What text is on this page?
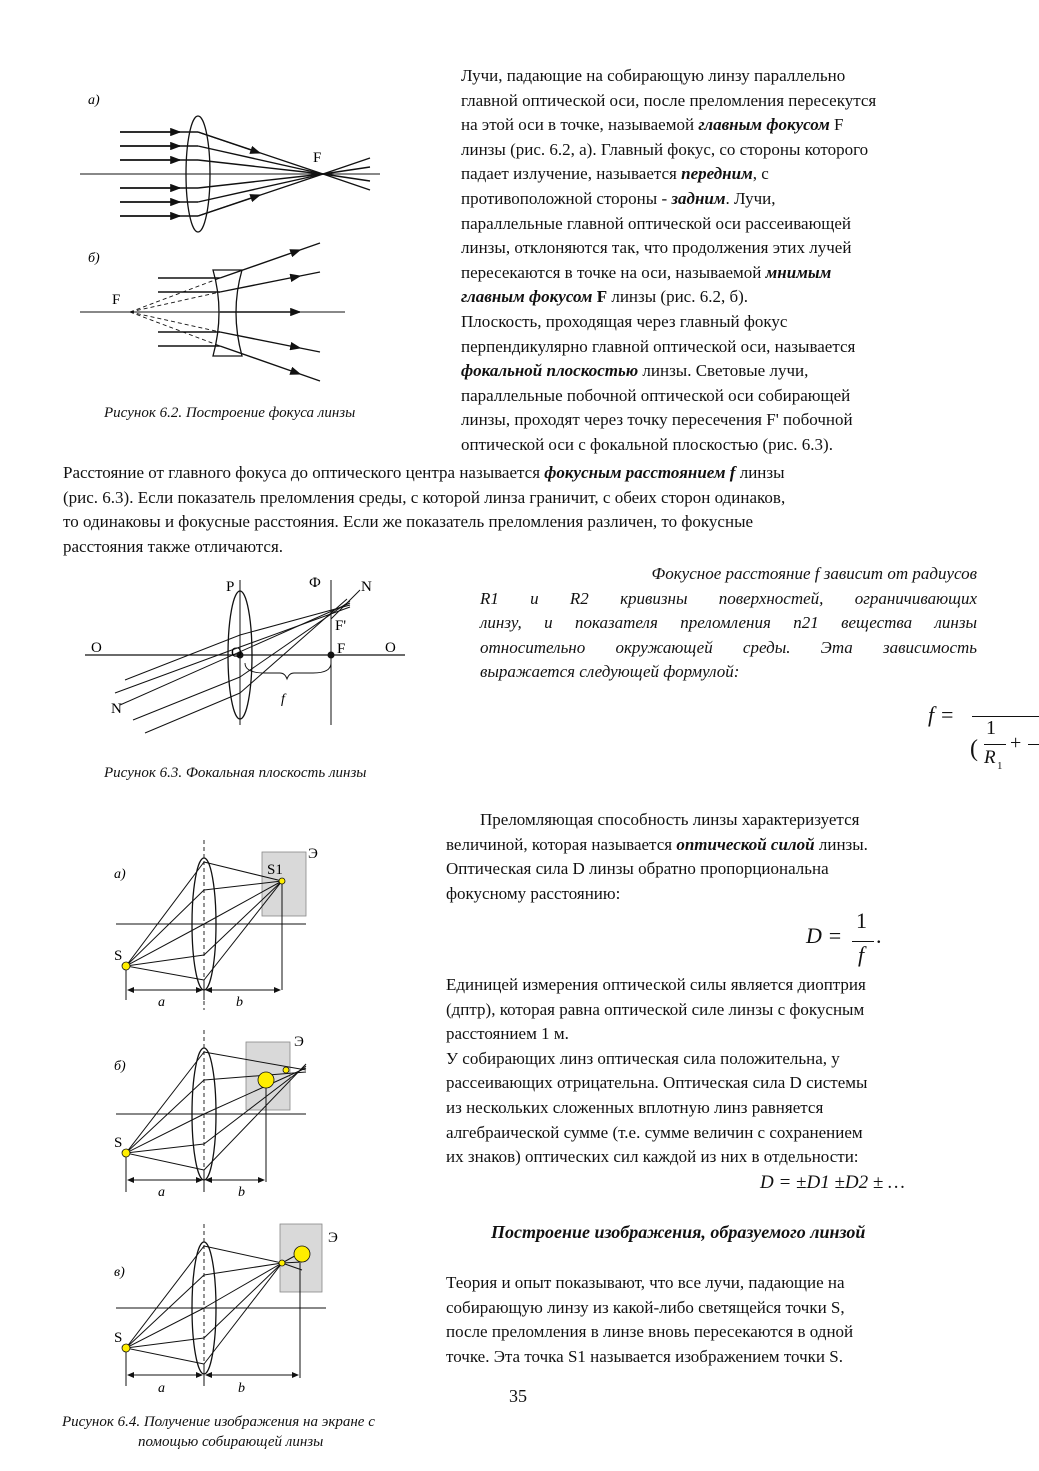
Лучи, падающие на собирающую линзу параллельно
главной оптической оси, после преломления пересекутся
на этой оси в точке, называемой главным фокусом F
линзы (рис. 6.2, а). Главный фокус, со стороны которого
падает излучение, называется передним, с
противоположной стороны - задним. Лучи,
параллельные главной оптической оси рассеивающей
линзы, отклоняются так, что продолжения этих лучей
пересекаются в точке на оси, называемой мнимым
главным фокусом F линзы (рис. 6.2, б).
Плоскость, проходящая через главный фокус
перпендикулярно главной оптической оси, называется
фокальной плоскостью линзы. Световые лучи,
параллельные побочной оптической оси собирающей
линзы, проходят через точку пересечения F' побочной
оптической оси с фокальной плоскостью (рис. 6.3).
а)
F
б)
F
Рисунок 6.2. Построение фокуса линзы
Расстояние от главного фокуса до оптического центра называется фокусным расстоянием f линзы
(рис. 6.3). Если показатель преломления среды, с которой линза граничит, с обеих сторон одинаков,
то одинаковы и фокусные расстояния. Если же показатель преломления различен, то фокусные
расстояния также отличаются.
P	Ф	N
F'
O	O
F
O
f
N
Рисунок 6.3. Фокальная плоскость линзы
Фокусное расстояние f зависит от радиусов
R1 и R2 кривизны поверхностей, ограничивающих
линзу, и показателя преломления n21 вещества линзы
относительно окружающей среды. Эта зависимость
выражается следующей формулой:
f =
1
( R 1
+
Преломляющая способность линзы характеризуется
величиной, которая называется оптической силой линзы.
Оптическая сила D линзы обратно пропорциональна
фокусному расстоянию:
D =
1
f
.
Единицей измерения оптической силы является диоптрия
(дптр), которая равна оптической силе линзы с фокусным
расстоянием 1 м.
У собирающих линз оптическая сила положительна, у
рассеивающих отрицательна. Оптическая сила D системы
из нескольких сложенных вплотную линз равняется
алгебраической сумме (т.е. сумме величин с сохранением
их знаков) оптических сил каждой из них в отдельности:
D = ±D1 ±D2 ± …
Построение изображения, образуемого линзой
Теория и опыт показывают, что все лучи, падающие на
собирающую линзу из какой-либо светящейся точки S,
после преломления в линзе вновь пересекаются в одной
точке. Эта точка S1 называется изображением точки S.
а)
S
S1
Э
a	b
б)
S
Э
a	b
в)
S
Э
a	b	35
Рисунок 6.4. Получение изображения на экране с
помощью собирающей линзы
